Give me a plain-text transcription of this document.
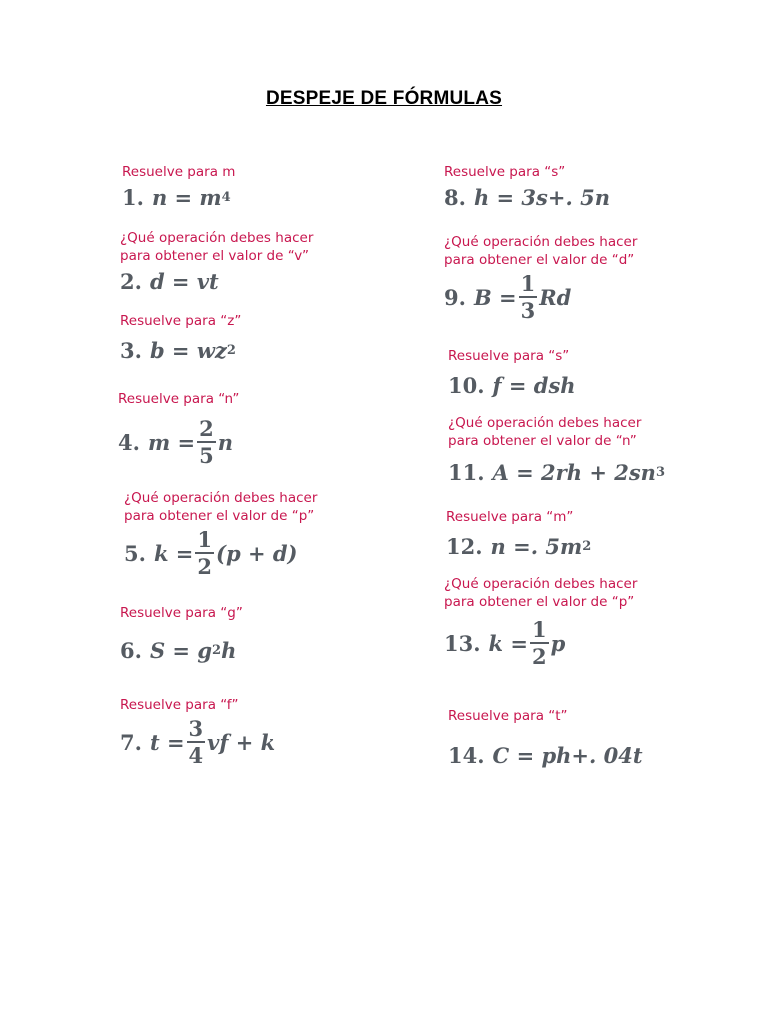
DESPEJE DE FÓRMULAS
Resuelve para m
1. n = m 4
¿Qué operación debes hacer
para obtener el valor de “v”
2. d = vt
Resuelve para “z”
3. b = wz 2
Resuelve para “n”
4. $m = \frac{2}{5}$ n
¿Qué operación debes hacer
para obtener el valor de “p”
5. $k = \frac{1}{2} (p + d)$
Resuelve para “g”
6. S = g 2 h
Resuelve para “f”
7. $t = \frac{3}{4}$ vf + k
Resuelve para “s”
8. h = 3s+. 5n
¿Qué operación debes hacer
para obtener el valor de “d”
9. $B = \frac{1}{3}$ Rd
Resuelve para “s”
10. f = dsh
¿Qué operación debes hacer
para obtener el valor de “n”
11. A = 2rh + 2sn 3
Resuelve para “m”
12. n =. 5m 2
¿Qué operación debes hacer
para obtener el valor de “p”
13. $k = \frac{1}{2}$ p
Resuelve para “t”
14. C = ph+. 04t
